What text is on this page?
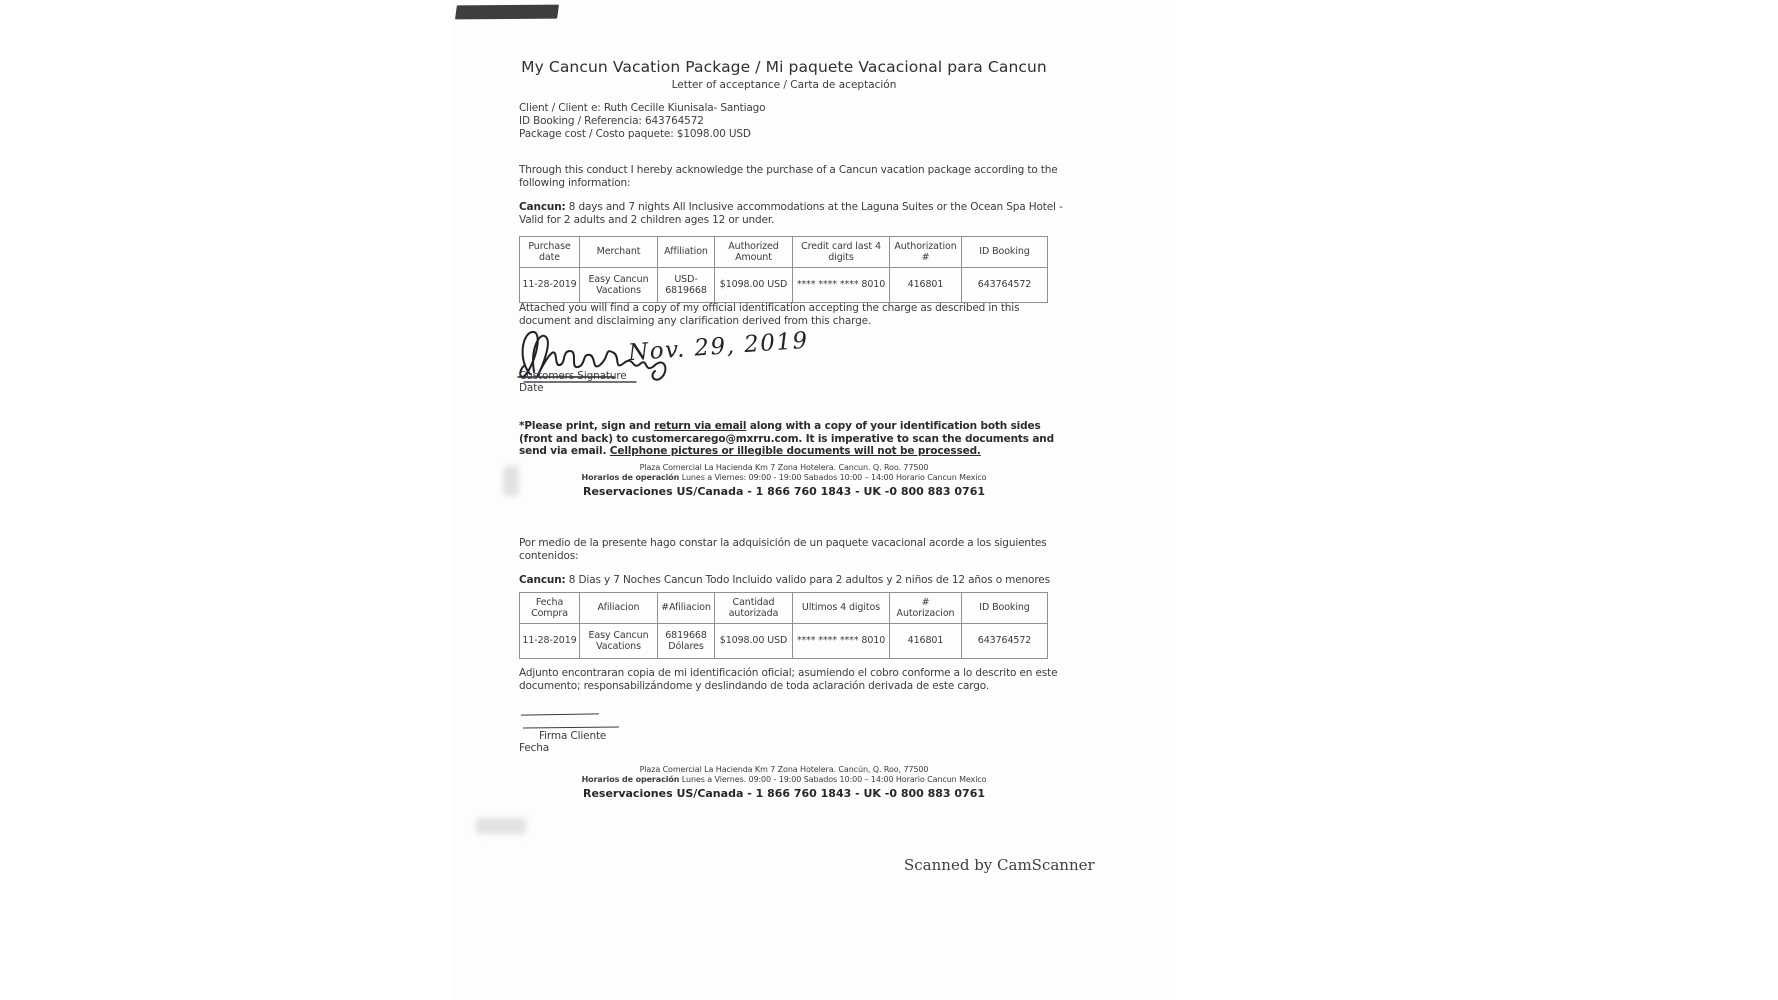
My Cancun Vacation Package / Mi paquete Vacacional para Cancun
Letter of acceptance / Carta de aceptación
Client / Client e: Ruth Cecille Kiunisala- Santiago
ID Booking / Referencia: 643764572
Package cost / Costo paquete: $1098.00 USD
Through this conduct I hereby acknowledge the purchase of a Cancun vacation package according to the following information:
Cancun: 8 days and 7 nights All Inclusive accommodations at the Laguna Suites or the Ocean Spa Hotel -
Valid for 2 adults and 2 children ages 12 or under.
Purchase date	Merchant	Affiliation	Authorized Amount	Credit card last 4 digits	Authorization #	ID Booking
11-28-2019	Easy Cancun Vacations	USD-6819668	$1098.00 USD	**** **** **** 8010	416801	643764572
Attached you will find a copy of my official identification accepting the charge as described in this document and disclaiming any clarification derived from this charge.
Nov. 29, 2019
Customers Signature
Date
*Please print, sign and return via email along with a copy of your identification both sides (front and back) to customercarego@mxrru.com. It is imperative to scan the documents and send via email. Cellphone pictures or illegible documents will not be processed.
Plaza Comercial La Hacienda Km 7 Zona Hotelera. Cancun. Q. Roo. 77500
Horarios de operación Lunes a Viernes: 09:00 - 19:00 Sabados 10:00 – 14:00 Horario Cancun Mexico
Reservaciones US/Canada - 1 866 760 1843 - UK -0 800 883 0761
Por medio de la presente hago constar la adquisición de un paquete vacacional acorde a los siguientes contenidos:
Cancun: 8 Dias y 7 Noches Cancun Todo Incluido valido para 2 adultos y 2 niños de 12 años o menores
Fecha Compra	Afiliacion	#Afiliacion	Cantidad autorizada	Ultimos 4 digitos	# Autorizacion	ID Booking
11-28-2019	Easy Cancun Vacations	6819668 Dólares	$1098.00 USD	**** **** **** 8010	416801	643764572
Adjunto encontraran copia de mi identificación oficial; asumiendo el cobro conforme a lo descrito en este documento; responsabilizándome y deslindando de toda aclaración derivada de este cargo.
Firma Cliente
Fecha
Plaza Comercial La Hacienda Km 7 Zona Hotelera. Cancún, Q. Roo, 77500
Horarios de operación Lunes a Viernes. 09:00 - 19:00 Sabados 10:00 – 14:00 Horario Cancun Mexico
Reservaciones US/Canada - 1 866 760 1843 - UK -0 800 883 0761
Scanned by CamScanner
